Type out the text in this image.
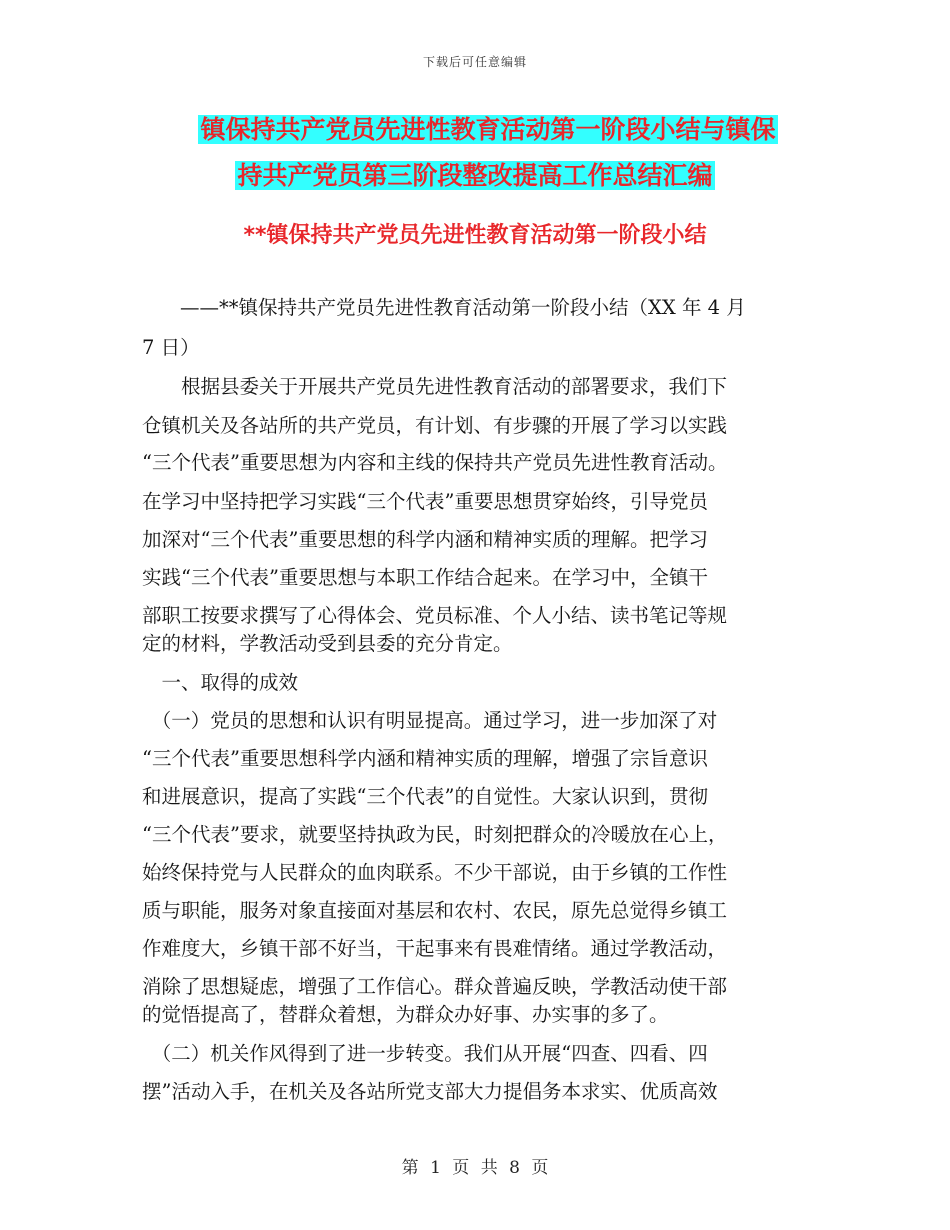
下载后可任意编辑
镇保持共产党员先进性教育活动第一阶段小结与镇保
持共产党员第三阶段整改提高工作总结汇编
**镇保持共产党员先进性教育活动第一阶段小结
——**镇保持共产党员先进性教育活动第一阶段小结（XX 年 4 月
7 日）
　　根据县委关于开展共产党员先进性教育活动的部署要求，我们下
仓镇机关及各站所的共产党员，有计划、有步骤的开展了学习以实践
“三个代表”重要思想为内容和主线的保持共产党员先进性教育活动。
在学习中坚持把学习实践“三个代表”重要思想贯穿始终，引导党员
加深对“三个代表”重要思想的科学内涵和精神实质的理解。把学习
实践“三个代表”重要思想与本职工作结合起来。在学习中，全镇干
部职工按要求撰写了心得体会、党员标准、个人小结、读书笔记等规
定的材料，学教活动受到县委的充分肯定。
　一、取得的成效
　（一）党员的思想和认识有明显提高。通过学习，进一步加深了对
“三个代表”重要思想科学内涵和精神实质的理解，增强了宗旨意识
和进展意识，提高了实践“三个代表”的自觉性。大家认识到，贯彻
“三个代表”要求，就要坚持执政为民，时刻把群众的冷暖放在心上，
始终保持党与人民群众的血肉联系。不少干部说，由于乡镇的工作性
质与职能，服务对象直接面对基层和农村、农民，原先总觉得乡镇工
作难度大，乡镇干部不好当，干起事来有畏难情绪。通过学教活动，
消除了思想疑虑，增强了工作信心。群众普遍反映，学教活动使干部
的觉悟提高了，替群众着想，为群众办好事、办实事的多了。
　（二）机关作风得到了进一步转变。我们从开展“四查、四看、四
摆”活动入手，在机关及各站所党支部大力提倡务本求实、优质高效
第 1 页 共 8 页
